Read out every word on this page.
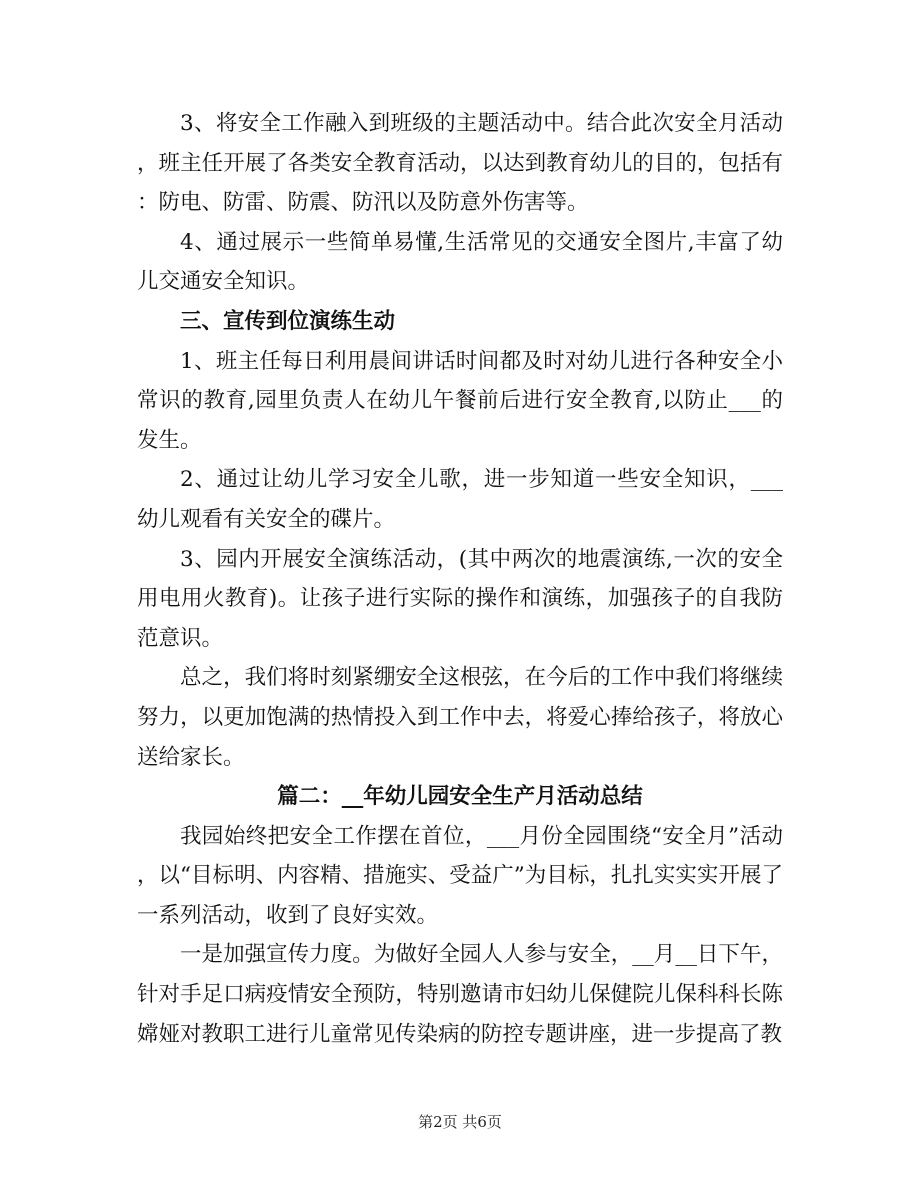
3、将安全工作融入到班级的主题活动中。结合此次安全月活动，班主任开展了各类安全教育活动，以达到教育幼儿的目的，包括有：防电、防雷、防震、防汛以及防意外伤害等。

4、通过展示一些简单易懂,生活常见的交通安全图片,丰富了幼儿交通安全知识。

三、宣传到位演练生动

1、班主任每日利用晨间讲话时间都及时对幼儿进行各种安全小常识的教育,园里负责人在幼儿午餐前后进行安全教育,以防止___的发生。

2、通过让幼儿学习安全儿歌，进一步知道一些安全知识，___幼儿观看有关安全的碟片。

3、园内开展安全演练活动，(其中两次的地震演练,一次的安全用电用火教育)。让孩子进行实际的操作和演练，加强孩子的自我防范意识。

总之，我们将时刻紧绷安全这根弦，在今后的工作中我们将继续努力，以更加饱满的热情投入到工作中去，将爱心捧给孩子，将放心送给家长。

篇二：__年幼儿园安全生产月活动总结

我园始终把安全工作摆在首位，___月份全园围绕“安全月”活动，以“目标明、内容精、措施实、受益广”为目标，扎扎实实实开展了一系列活动，收到了良好实效。

一是加强宣传力度。为做好全园人人参与安全，__月__日下午，针对手足口病疫情安全预防，特别邀请市妇幼儿保健院儿保科科长陈嫦娅对教职工进行儿童常见传染病的防控专题讲座，进一步提高了教

第2页 共6页
